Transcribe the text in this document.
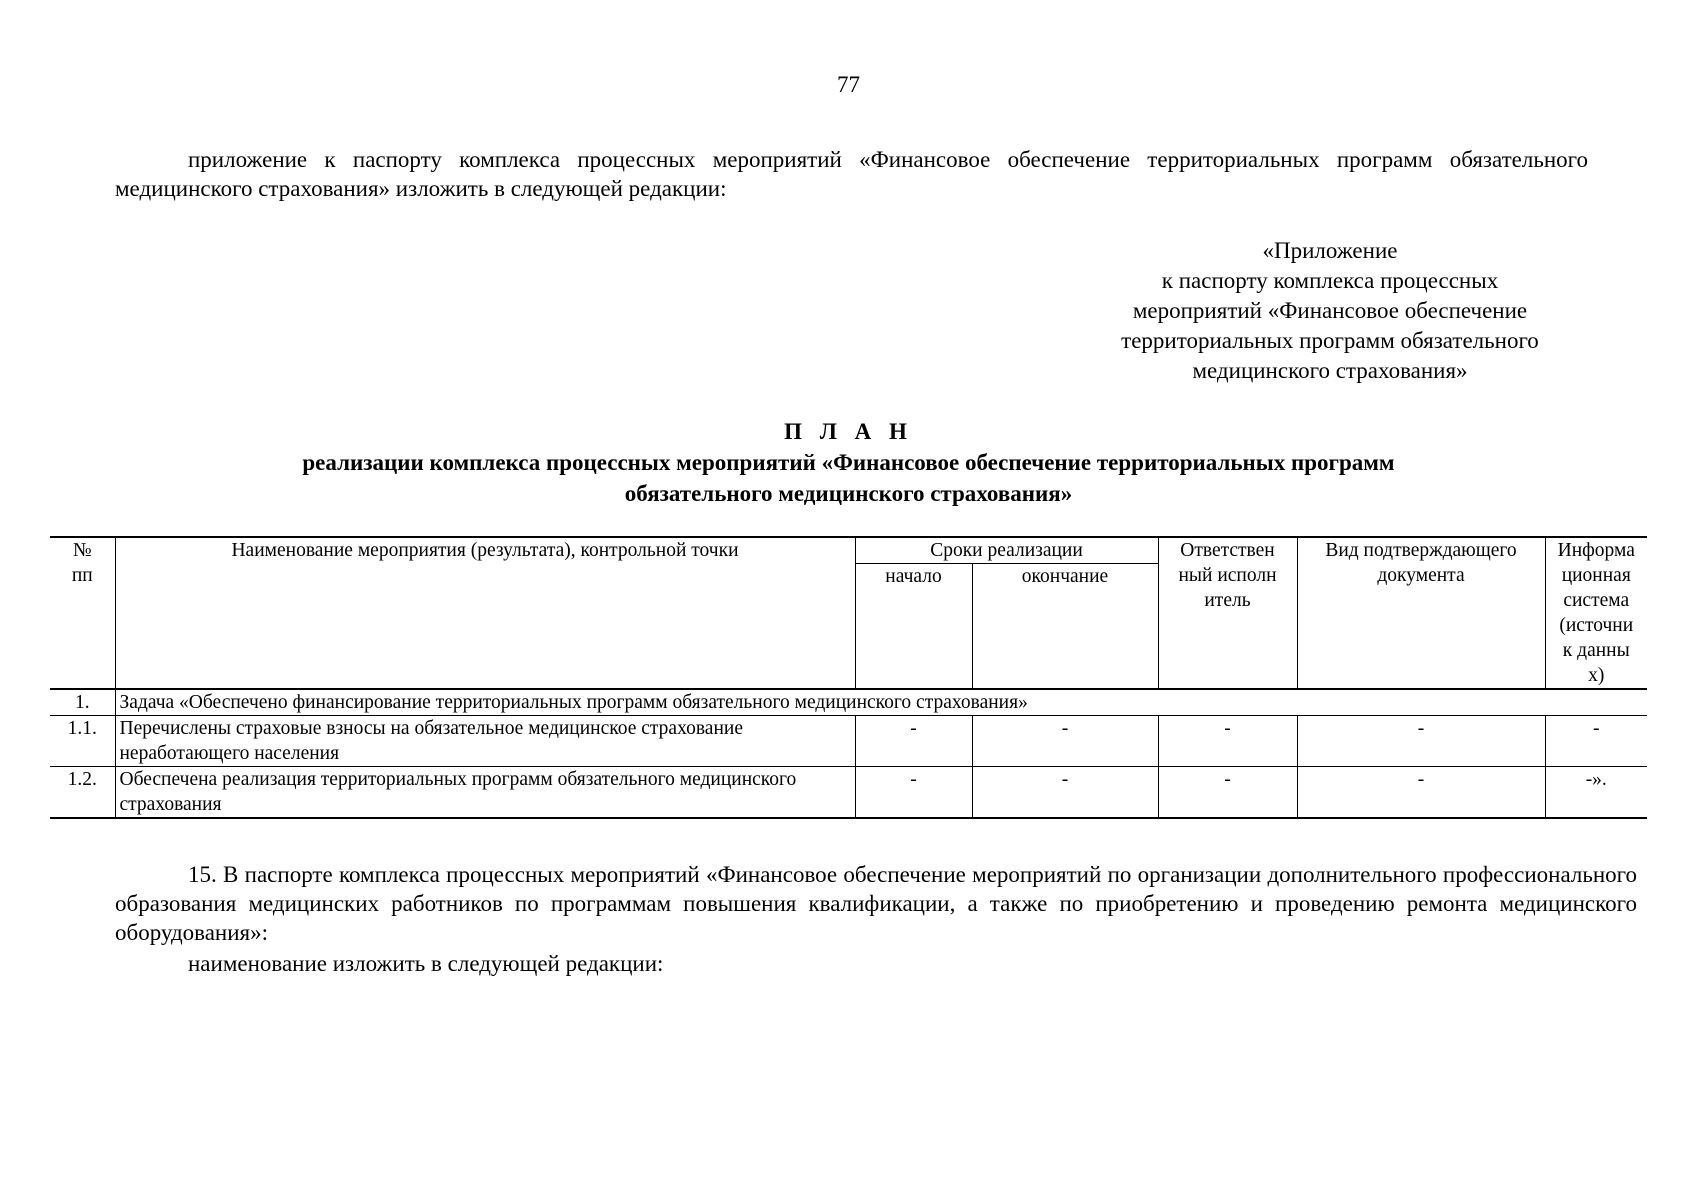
77

приложение к паспорту комплекса процессных мероприятий «Финансовое обеспечение территориальных программ обязательного медицинского страхования» изложить в следующей редакции:

«Приложение
к паспорту комплекса процессных
мероприятий «Финансовое обеспечение
территориальных программ обязательного
медицинского страхования»
П Л А Н
реализации комплекса процессных мероприятий «Финансовое обеспечение территориальных программ
обязательного медицинского страхования»
№ пп	Наименование мероприятия (результата), контрольной точки	Сроки реализации		Ответственный исполнитель	Вид подтверждающего документа	Информационная система (источник данных)

		начало	окончание			
1.	Задача «Обеспечено финансирование территориальных программ обязательного медицинского страхования»					
1.1.	Перечислены страховые взносы на обязательное медицинское страхование неработающего населения	-	-	-	-	-
1.2.	Обеспечена реализация территориальных программ обязательного медицинского страхования	-	-	-	-	-».

15. В паспорте комплекса процессных мероприятий «Финансовое обеспечение мероприятий по организации дополнительного профессионального образования медицинских работников по программам повышения квалификации, а также по приобретению и проведению ремонта медицинского оборудования»:

наименование изложить в следующей редакции:
